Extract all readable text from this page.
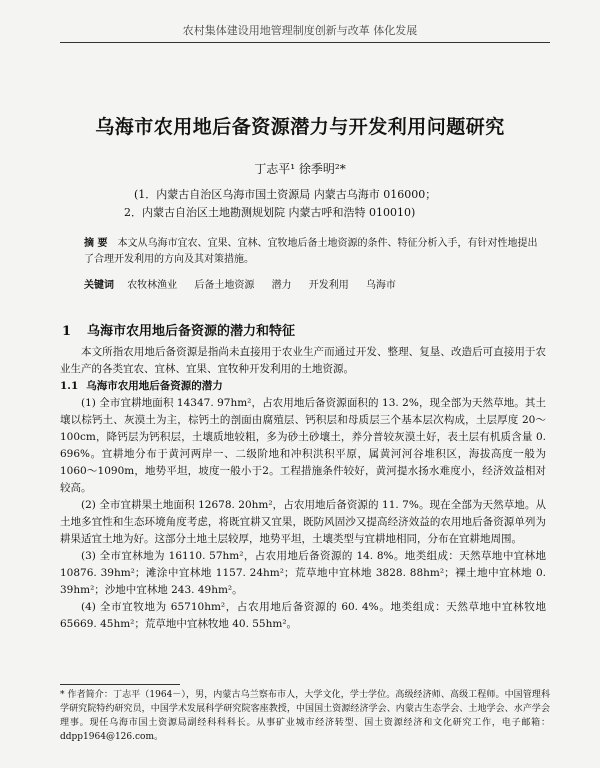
农村集体建设用地管理制度创新与改革 体化发展
乌海市农用地后备资源潜力与开发利用问题研究
丁志平¹ 徐季明²*
(1．内蒙古自治区乌海市国土资源局 内蒙古乌海市 016000；
2．内蒙古自治区土地勘测规划院 内蒙古呼和浩特 010010)
摘 要 本文从乌海市宜农、宜果、宜林、宜牧地后备土地资源的条件、特征分析入手，有针对性地提出了合理开发利用的方向及其对策措施。
关键词 农牧林渔业 后备土地资源 潜力 开发利用 乌海市
1 乌海市农用地后备资源的潜力和特征
本文所指农用地后备资源是指尚未直接用于农业生产而通过开发、整理、复垦、改造后可直接用于农业生产的各类宜农、宜林、宜果、宜牧种开发利用的土地资源。
1.1 乌海市农用地后备资源的潜力
(1) 全市宜耕地面积 14347. 97hm²，占农用地后备资源面积的 13. 2%，现全部为天然草地。其土壤以棕钙土、灰漠土为主，棕钙土的剖面由腐殖层、钙积层和母质层三个基本层次构成，土层厚度 20～100cm，降钙层为钙积层，土壤质地较粗，多为砂土砂壤土，养分普较灰漠土好，表土层有机质含量 0. 696%。宜耕地分布于黄河两岸一、二级阶地和冲积洪积平原，属黄河河谷堆积区，海拔高度一般为 1060～1090m，地势平坦，坡度一般小于2。工程措施条件较好，黄河提水扬水难度小，经济效益相对较高。
(2) 全市宜耕果土地面积 12678. 20hm²，占农用地后备资源的 11. 7%。现在全部为天然草地。从土地多宜性和生态环境角度考虑，将既宜耕又宜果，既防风固沙又提高经济效益的农用地后备资源单列为耕果适宜土地为好。这部分土地土层较厚，地势平坦，土壤类型与宜耕地相同，分布在宜耕地周围。
(3) 全市宜林地为 16110. 57hm²，占农用地后备资源的 14. 8%。地类组成：天然草地中宜林地 10876. 39hm²；滩涂中宜林地 1157. 24hm²；荒草地中宜林地 3828. 88hm²；裸土地中宜林地 0. 39hm²；沙地中宜林地 243. 49hm²。
(4) 全市宜牧地为 65710hm²，占农用地后备资源的 60. 4%。地类组成：天然草地中宜林牧地 65669. 45hm²；荒草地中宜林牧地 40. 55hm²。
* 作者简介：丁志平（1964－），男，内蒙古乌兰察布市人，大学文化，学士学位。高级经济师、高级工程师。中国管理科学研究院特约研究员，中国学术发展科学研究院客座教授，中国国土资源经济学会、内蒙古生态学会、土地学会、水产学会理事。现任乌海市国土资源局副经科科科长。从事矿业城市经济转型、国土资源经济和文化研究工作，电子邮箱：ddpp1964@126.com。
